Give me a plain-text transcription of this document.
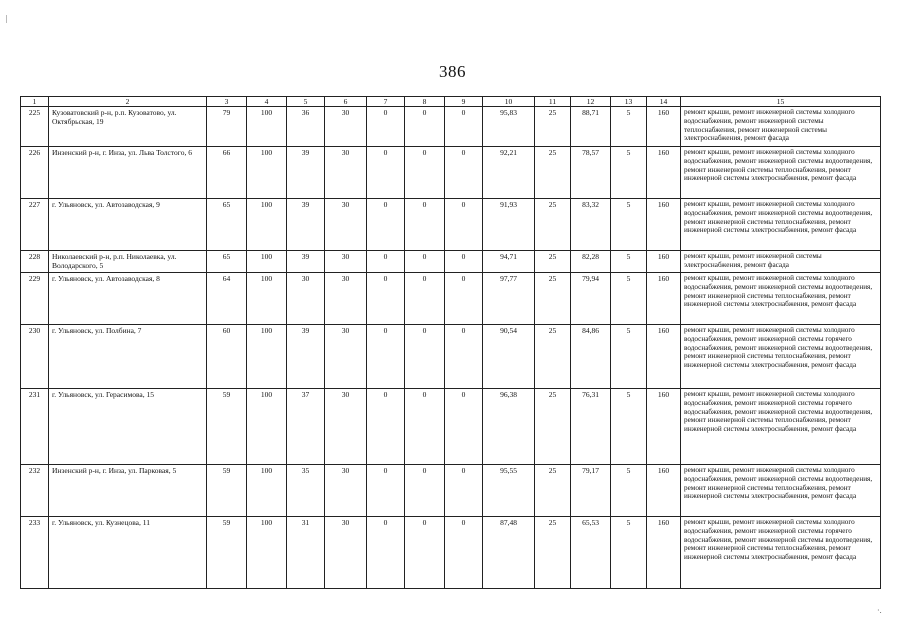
386
1	2	3	4	5	6	7	8	9	10	11	12	13	14	15
225	Кузоватовский р-н, р.п. Кузоватово, ул. Октябрьская, 19	79	100	36	30	0	0	0	95,83	25	88,71	5	160	ремонт крыши, ремонт инженерной системы холодного водоснабжения, ремонт инженерной системы теплоснабжения, ремонт инженерной системы электроснабжения, ремонт фасада
226	Инзенский р-н, г. Инза, ул. Льва Толстого, 6	66	100	39	30	0	0	0	92,21	25	78,57	5	160	ремонт крыши, ремонт инженерной системы холодного водоснабжения, ремонт инженерной системы водоотведения, ремонт инженерной системы теплоснабжения, ремонт инженерной системы электроснабжения, ремонт фасада
227	г. Ульяновск, ул. Автозаводская, 9	65	100	39	30	0	0	0	91,93	25	83,32	5	160	ремонт крыши, ремонт инженерной системы холодного водоснабжения, ремонт инженерной системы водоотведения, ремонт инженерной системы теплоснабжения, ремонт инженерной системы электроснабжения, ремонт фасада
228	Николаевский р-н, р.п. Николаевка, ул. Володарского, 5	65	100	39	30	0	0	0	94,71	25	82,28	5	160	ремонт крыши, ремонт инженерной системы электроснабжения, ремонт фасада
229	г. Ульяновск, ул. Автозаводская, 8	64	100	30	30	0	0	0	97,77	25	79,94	5	160	ремонт крыши, ремонт инженерной системы холодного водоснабжения, ремонт инженерной системы водоотведения, ремонт инженерной системы теплоснабжения, ремонт инженерной системы электроснабжения, ремонт фасада
230	г. Ульяновск, ул. Полбина, 7	60	100	39	30	0	0	0	90,54	25	84,86	5	160	ремонт крыши, ремонт инженерной системы холодного водоснабжения, ремонт инженерной системы горячего водоснабжения, ремонт инженерной системы водоотведения, ремонт инженерной системы теплоснабжения, ремонт инженерной системы электроснабжения, ремонт фасада
231	г. Ульяновск, ул. Герасимова, 15	59	100	37	30	0	0	0	96,38	25	76,31	5	160	ремонт крыши, ремонт инженерной системы холодного водоснабжения, ремонт инженерной системы горячего водоснабжения, ремонт инженерной системы водоотведения, ремонт инженерной системы теплоснабжения, ремонт инженерной системы электроснабжения, ремонт фасада
232	Инзенский р-н, г. Инза, ул. Парковая, 5	59	100	35	30	0	0	0	95,55	25	79,17	5	160	ремонт крыши, ремонт инженерной системы холодного водоснабжения, ремонт инженерной системы водоотведения, ремонт инженерной системы теплоснабжения, ремонт инженерной системы электроснабжения, ремонт фасада
233	г. Ульяновск, ул. Кузнецова, 11	59	100	31	30	0	0	0	87,48	25	65,53	5	160	ремонт крыши, ремонт инженерной системы холодного водоснабжения, ремонт инженерной системы горячего водоснабжения, ремонт инженерной системы водоотведения, ремонт инженерной системы теплоснабжения, ремонт инженерной системы электроснабжения, ремонт фасада
|
·.
